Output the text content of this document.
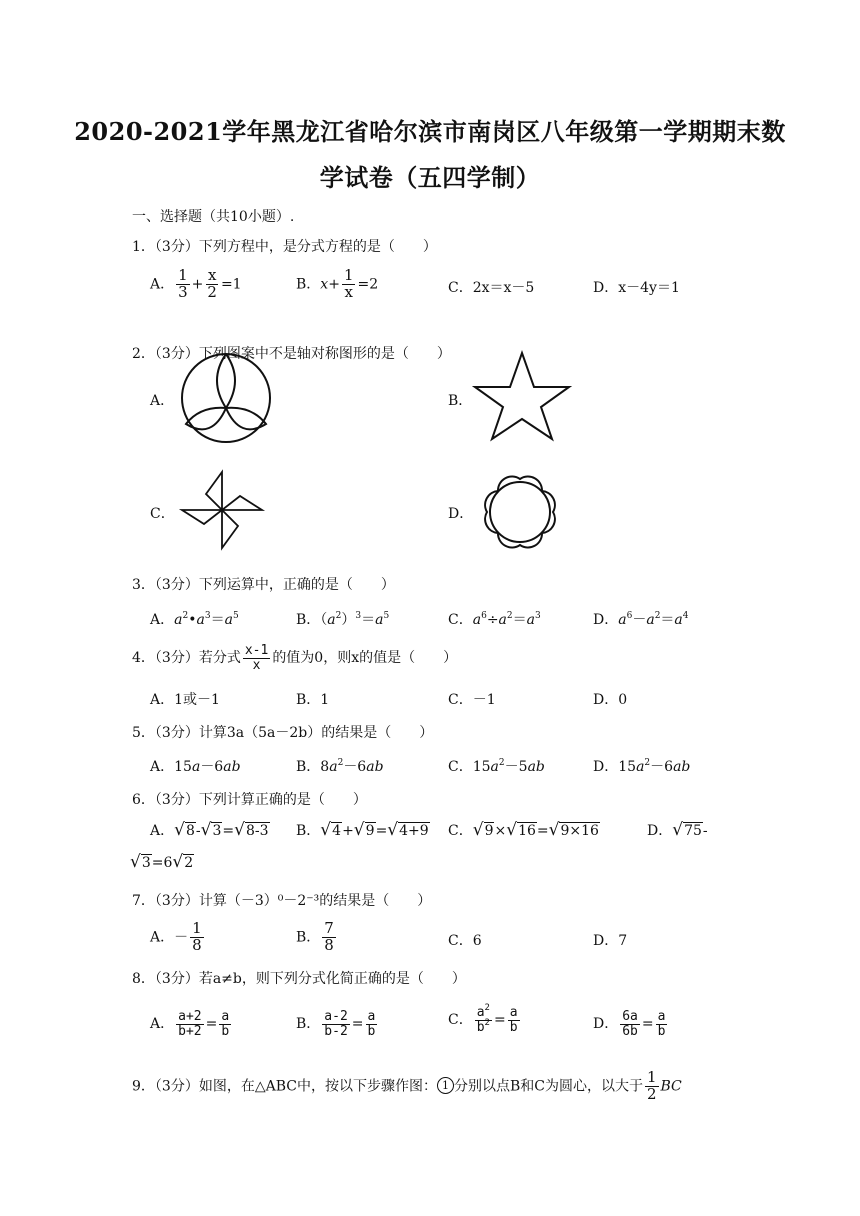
2020-2021学年黑龙江省哈尔滨市南岗区八年级第一学期期末数
学试卷（五四学制）
一、选择题（共10小题）.
1．（3分）下列方程中，是分式方程的是（　　）
A． $\frac{1}{3} + \frac{x}{2} =1$	B．$x+ \frac{1}{x} =2$	C．2x＝x－5	D．x－4y＝1
2．（3分）下列图案中不是轴对称图形的是（　　）
A．	B．
C．	D．
3．（3分）下列运算中，正确的是（　　）
A．$a^2•a^3=a^5$	B．$(a^2)^3=a^5$	C．$a^6\div a^2=a^3$	D．$a^6-a^2=a^4$
4．（3分）若分式 $\frac{x-1}{x}$ 的值为0，则x的值是（　　）
A．1或－1	B．1	C．－1	D．0
5．（3分）计算3a（5a－2b）的结果是（　　）
A．15a－6ab	B．$8a^2-6ab$	C．$15a^2-5ab$	D．$15a^2-6ab$
6．（3分）下列计算正确的是（　　）
A．√8-√3=√8-3 B．√4+√9=√4+9 C．√9×√16=√9×16	D．√75-
√3=6√2
7．（3分）计算（－3）⁰－2⁻³的结果是（　　）
A．－ $\frac{1}{8}$	B． $\frac{7}{8}$	C．6	D．7
8．（3分）若a≠b，则下列分式化简正确的是（　　）
A． $\frac{a+2}{b+2} = \frac{a}{b}$	B． $\frac{a-2}{b-2} = \frac{a}{b}$	C． $\frac{a^2}{b^2} = \frac{a}{b}$	D． $\frac{6a}{6b} = \frac{a}{b}$
9．（3分）如图，在△ABC中，按以下步骤作图： 1 分别以点B和C为圆心，以大于 $\frac{1}{2}$ BC
